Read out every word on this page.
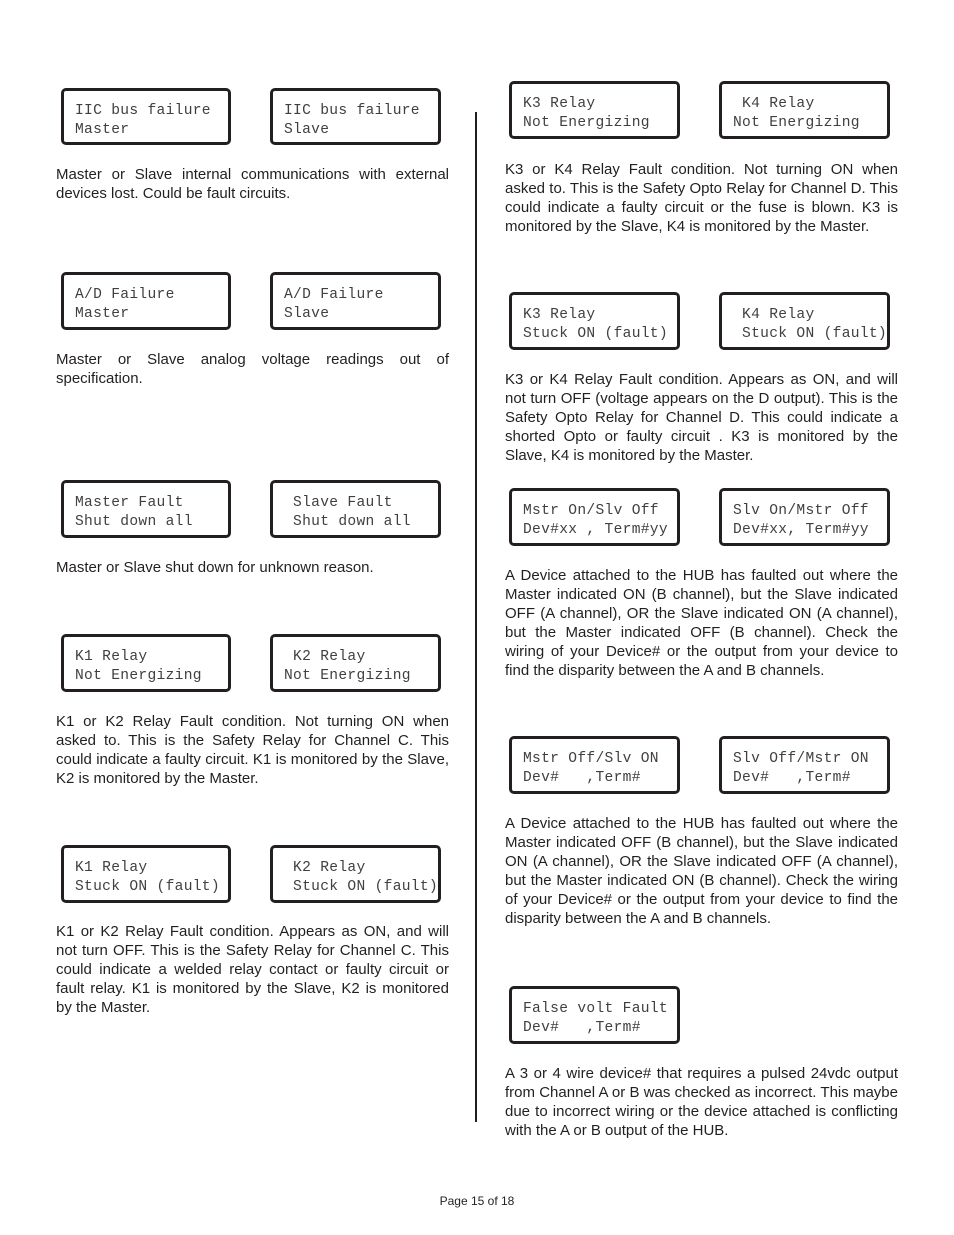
IIC bus failure
Master
IIC bus failure
Slave

Master or Slave internal communications with external devices lost. Could be fault circuits.

A/D Failure
Master
A/D Failure
Slave

Master or Slave analog voltage readings out of specification.

Master Fault
Shut down all
Slave Fault
Shut down all

Master or Slave shut down for unknown reason.

K1 Relay
Not Energizing
K2 Relay
Not Energizing

K1 or K2 Relay Fault condition. Not turning ON when asked to. This is the Safety Relay for Channel C. This could indicate a faulty circuit. K1 is monitored by the Slave, K2 is monitored by the Master.

K1 Relay
Stuck ON (fault)
K2 Relay
Stuck ON (fault)

K1 or K2 Relay Fault condition. Appears as ON, and will not turn OFF. This is the Safety Relay for Channel C. This could indicate a welded relay contact or faulty circuit or fault relay. K1 is monitored by the Slave, K2 is monitored by the Master.

K3 Relay
Not Energizing
K4 Relay
Not Energizing

K3 or K4 Relay Fault condition. Not turning ON when asked to. This is the Safety Opto Relay for Channel D. This could indicate a faulty circuit or the fuse is blown. K3 is monitored by the Slave, K4 is monitored by the Master.

K3 Relay
Stuck ON (fault)
K4 Relay
Stuck ON (fault)

K3 or K4 Relay Fault condition. Appears as ON, and will not turn OFF (voltage appears on the D output). This is the Safety Opto Relay for Channel D. This could indicate a shorted Opto or faulty circuit . K3 is monitored by the Slave, K4 is monitored by the Master.

Mstr On/Slv Off
Dev#xx , Term#yy
Slv On/Mstr Off
Dev#xx, Term#yy

A Device attached to the HUB has faulted out where the Master indicated ON (B channel), but the Slave indicated OFF (A channel), OR the Slave indicated ON (A channel), but the Master indicated OFF (B channel). Check the wiring of your Device# or the output from your device to find the disparity between the A and B channels.

Mstr Off/Slv ON
Dev#   ,Term#
Slv Off/Mstr ON
Dev#   ,Term#

A Device attached to the HUB has faulted out where the Master indicated OFF (B channel), but the Slave indicated ON (A channel), OR the Slave indicated OFF (A channel), but the Master indicated ON (B channel). Check the wiring of your Device# or the output from your device to find the disparity between the A and B channels.

False volt Fault
Dev#   ,Term#

A 3 or 4 wire device# that requires a pulsed 24vdc output from Channel A or B was checked as incorrect. This maybe due to incorrect wiring or the device attached is conflicting with the A or B output of the HUB.

Page 15 of 18
